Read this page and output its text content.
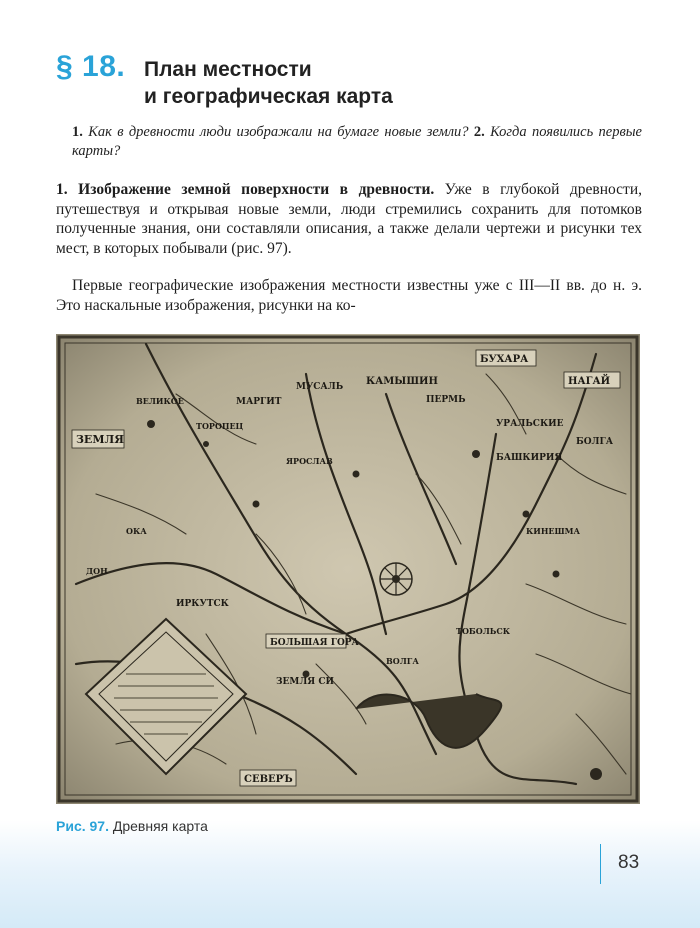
§ 18. План местности
и географическая карта
1. Как в древности люди изображали на бумаге новые земли? 2. Когда появились первые карты?
1. Изображение земной поверхности в древности. Уже в глубокой древности, путешествуя и открывая новые земли, люди стремились сохранить для потомков полученные знания, они составляли описания, а также делали чертежи и рисунки тех мест, в которых побывали (рис. 97).
Первые географические изображения местности известны уже с III—II вв. до н. э. Это наскальные изображения, рисунки на ко-
БУХАРА
НАГАЙ
ЗЕМЛЯ
МАРГИТ
МУСАЛЬ КАМЫШИН
ПЕРМЬ
УРАЛЬСКИЕ
БОЛГА
БАШКИРИЯ
СЕВЕРЪ
ЗЕМЛЯ СИ
БОЛЬШАЯ ГОРА
ИРКУТСК
ТОРОПЕЦ
ВЕЛИКОЕ
ТОБОЛЬСК
ЯРОСЛАВ
КИНЕШМА
ОКА
ВОЛГА
ДОН
Рис. 97. Древняя карта
83
